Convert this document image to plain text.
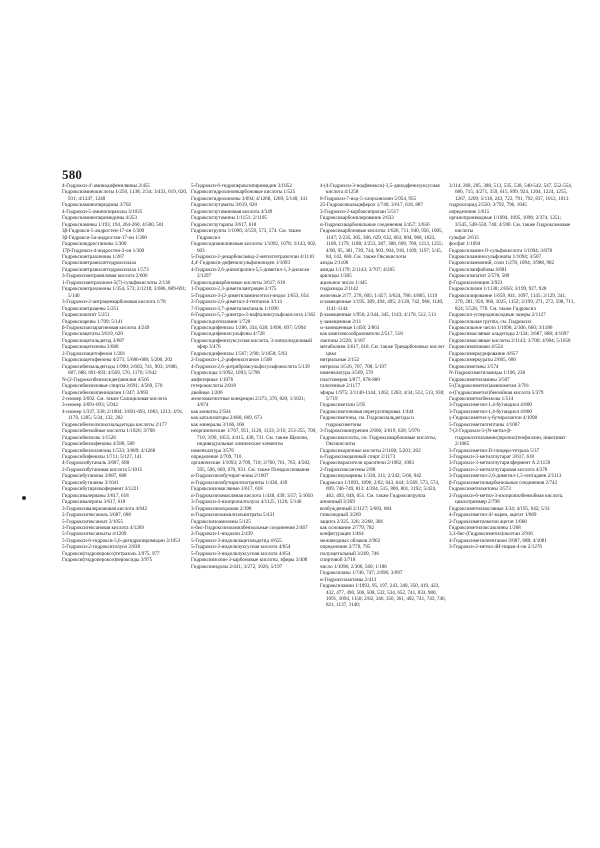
580
4-Гидрокси-4'-аминодифенилвины 2/455
Гидроксиаминокислоты 1/250, 1138; 2/34; 3/433, 619, 620, 931; 4/1247, 1248
Гидроксиаминопиридины 3/702
4-Гидрокси-5-аминопиразолы 3/1035
Гидроксиаминопиримидины 4/253
Гидроксиамины 1/193, 194, 264-266; 4/500, 501
3β-Гидрокси-5-андростен-17-он 1/300
3β-Гидрокси-5α-андростан-17-он 1/300
Гидроксиандростаноны 1/300
17β-Гидрокси-4-андростен-3-он 1/300
Гидроксиантрахиноны 1/267
Гидроксиантранилатгидроксилаза
Гидроксиантранилатгидроксилаза 1/573
3-Гидроксиантраниловая кислота 2/606
1-Гидроксиантрахинон-5(7)-сульфокислоты 2/136
Гидроксиантрахиноны 1/354, 573; 2/1218; 3/686, 689-691; 5/140
3-Гидрокси-2-антраценкарбоновая кислота 1/78
Гидроксиантрацены 5/251
Гидроксиапатит 5/251
Гидроксиарены 1/709; 5/141
β-Гидроксиаспарагиновая кислота 4/249
Гидроксиацетаты 3/619, 620
Гидроксиацетальдегид 3/687
Гидроксиацетилены 3/688
2-Гидроксиацетофенон 1/201
Гидроксиацетофеноны 4/271; 5/686-688; 5/200, 202
Гидроксибензальдегиды 1/990; 2/603, 741, 903; 3/686, 687, 688, 691-693; 4/569, 570, 1170; 5/942
N-(2-Гидроксибензилиден)анилин 4/505
Гидроксибензиловые спирты 3/691; 4/569, 570
Гидроксибензилпеницилин 1/347; 3/693
2-изомер 3/692. См. также Салициловая кислота
3-изомер 3/691-693; 5/942
4-изомер 1/337, 338; 2/1004; 3/691-693, 1083, 1213; 4/91, 1170, 1205; 5/34, 132, 202
Гидроксибензолэпоксиальдегиды кислоты 2/177
Гидроксибензойные кислоты 1/1026; 3/708
Гидроксибензолы 1/1528
Гидроксибензофеноны 4/588, 589
Гидроксибензохиноны 1/533; 3/689; 4/1268
Гидроксибифенилы 1/711; 5/127, 141
4-Гидроксибутаналь 3/687, 688
2-Гидроксибутановая кислота 5/1015
Гидроксибутаноны 3/687, 688
Гидроксибутилены 3/1041
Гидроксибутирилкофермент 3/1221
Гидроксивалерианы 3/617, 618
Гидроксивалераты 3/617, 618
3-Гидроксивалериановая кислота 4/642
2-Гидроксигексаналь 3/687, 688
5-Гидроксигексаноат 3/1055
3-Гидроксигексановая кислота 4/1209
5-Гидроксигексаноаты 4/1209
5-Гидрокси-6-гидрокси-5,6-дигидропиримидин 3/1053
5-Гидрокси-2-гидрокситолуол 2/838
Гидрокси(гидропероксо)тетразоль 3/975, 977
Гидрокси(гидроперокси)пероксиды 3/975
5-Гидрокси-6-гидропероксипиримидин 3/1052
Гидроксигидрохинонкарбоновые кислоты 1/525
Гидроксигидрохиноны 3/694; 4/1268, 1269; 5/140, 141
Гидроксиглутаматы 3/619, 620
Гидроксиглутаминовая кислота 4/349
Гидроксиглутамины 1/1151; 2/1195
Гидроксиглутараты 3/617, 618
Гидроксигруппа 1/1096; 3/559, 573, 574. См. также Гидроксил
Гидроксидианилиновые кислоты 1/1092, 1078; 3/143, 602, 603
5-Гидрокси-2-декарбоксамид-2-метилтетразоэтан 4/1110
4,4'-Гидрокси-дифенилсульфонилиден 1/1093
4-Гидрокси-2,6-диизопропил-5,5-диметил-1,3-диоксан 2/1297
Гидроксидикарбоновые кислоты 3/617, 618
1-Гидрокси-2,3-диметилантрацен 2/175
5-Гидрокси-3-(2-диметиламиноэтил)-индол 1/653, 654
2-Гидрокси-2,6-диметил-4-гептанон 3/114
7-Гидрокси-3,7-диметилоктаналь 1/1096
6-Гидрокси-5,7-динитро-2-нафталинсульфокислота 1/362
Гидроксидиэтиламин 1/720
Гидроксидифенилы 1/286, 334, 628; 3/696, 697; 5/994
Гидроксидифенилсульфоны 4/728
Гидроксидифенилуксусная кислота, 3-хинуклидиловый эфир 3/476
Гидроксидифенилы 1/567; 2/90; 3/1058; 5/93
2-Гидрокси-1,2-дифенилэтанон 1/508
4-Гидрокси-2,6-дитрибромсульфосульфокислота 5/139
Гидроксиды 1/1092, 1093; 5/796
амфотерные 1/1076
гетерокислоты 2/818
двойные 1/206
железомагнитные конкреции 2/273, 370, 820; 1/1021; 4/874
как конкиты 2/504
как катализаторы 2/668, 669, 673
как минералы 3/166, 166
неорганические 1/767, 951, 1120, 1133; 2/10, 253-255, 709, 710; 3/99, 1055; 4/415, 438, 711. См. также Щелочи, индивидуальные химические элементы
номенклатура 3/576
определение 2/709, 710
органические 1/1093; 2/709, 710; 3/760, 761, 765; 4/582, 595, 596, 669, 670, 931. См. также Псевдооснования
α-Гидроксиизобутират-ионы 2/1007
α-Гидроксиизобутирилтиотрипты 1/438, 439
Гидроксиизомасляные 3/617, 618
α-Гидроксиизомасляная кислота 1/438, 439; 3/57; 5/1050
3-Гидрокси-4-изопропилтолуол 4/1125, 1126; 5/140
3-Гидроксиизохроман 2/398
α-Гидроксиизоамилсильнитраты 5/431
Гидроксиизоамилены 5/125
n-бис-Гидроксиизоамилбензольные соединения 2/467
2-Гидрокси-1-индалон 2/439
5-Гидрокси-3-индолилацетальдегид 4/655
5-Гидрокси-3-индолилуксусная кислота 4/654
5-Гидрокси-3-индолилуксусная кислота 4/654
Гидроксиизолин-3-карбоновые кислоты, эфиры 3/408
Гидроксииндолы 2/441; 3/272, 1026; 5/197
4-(4-Гидрокси-3-иодфенокси)-3,5-дииодфенилуксусная кислота 4/1258
8-Гидрокси-7-иод-5-хлорхинолин 5/954, 955
25-Гидроксикальциферол 1/746; 3/617, 618, 887
3-Гидрокси-2-карбоксипропан 5/517
Гидроксикарбонилирование 2/633
α-Гидроксикарбонильные соединения 2/457; 3/656
Гидроксикарбоновые кислоты 1/626, 711, 940, 956, 1005, 1147; 2/235, 305, 306, 629, 632, 663, 804, 968, 1023, 1100, 1179, 1188; 3/253, 387, 388, 699, 700, 1213, 1255; 4/90, 95, 381, 739, 744, 903, 904, 918, 1109, 1197; 5/45, 84, 142, 660. См. также Оксикислоты
азиды 2/1106
амиды 1/1179; 2/1143; 3/707; 4/205
арилиды 1/305
ацильное число 1/445
гидразиды 2/1142
железные 2/77, 278, 605; 1/457; 3/624, 786; 4/865, 1119
α-замещенные 1/195, 389, 494, 495; 2/120, 742, 968, 1140, 1141-1144
β-замещенные 1/956; 2/344, 345, 1143; 4/170, 512, 513
γ-замещенные 2/11
ω-замещенные 1/450; 2/863
как комплексообразователи 2/517, 518
лактоны 2/226; 3/187
метаболизм 3/617, 618. См. также Трикарбоновых кислот цикл
нитрильные 2/152
нитрилы 3/516, 707, 708; 5/197
номенклатура 3/569, 570
пластомерия 3/877, 878-880
галогенные 2/1177
эфиры 1/975; 2/1140-1144, 1262, 1263; 4/34, 512, 513, 930; 5/719
Гидроксикетали 5/95
Гидроксикетоновая перегруппировка 1/444
Гидроксикетоны, см. Гидроксиальдегиды и гидроксикетоны
3-Гидроксикинуренин 2/606; 3/619, 620; 5/970
Гидроксикислоты, см. Гидроксикарбоновые кислоты, Оксикислоты
Гидроксикоричные кислоты 2/1100; 5/201, 202
n-Гидроксикоричный спирт 2/1173
Гидроксикрасители красители 2/1082, 1083
2-Гидроксиксантены 2/88
Гидроксикумарины 1/330, 311; 2/342; 5/66, 942
Гидроксил 1/1093, 1096; 2/82, 643, 644; 3/569, 573, 574, 699, 746-749, 813; 4/394, 515, 800, 801, 1192; 5/424, 462, 493, 648, 651. См. также Гидроксигруппа
анионный 3/269
возбужденный 2/1127; 5/683, 684
гликозидный 3/269
защита 2/325, 326; 3/268, 306
как основание 2/779, 782
конфигурация 1/464
межзвездных облаков 2/962
определение 2/770, 795
полуацетальный 3/269, 746
спиртовой 3/718
число 1/1096; 2/306, 560; 1/186
Гидроксилазы 1/746, 747; 2/696; 3/697
α-Гидроксилактамы 2/413
Гидроксиламин 1/1093, 95, 197, 243, 349, 350, 419, 423, 432, 477, 490, 506, 508, 532, 534, 652, 741, 833, 980, 1091, 1094, 1150; 2/82, 346, 350, 361, 402, 741, 743, 746, 821, 1137, 1140;
3/114, 268, 295, 388, 513, 535, 538, 540-542, 547, 552-554, 686, 715; 4/271, 359, 615, 899, 924, 1204, 1224, 1255, 1267, 1269; 5/118, 243, 722, 791, 792, 837, 1012, 1013
гидрохлорид 2/550; 3/792, 796, 1045
определение 1/615
органопроизводные 1/1094, 1095, 1096; 2/374, 1251; 3/545, 548-550, 740; 4/590. См. также Гидроксамовые кислоты
сульфат 2/615
фосфат 1/1094
Гидроксиламин-О-сульфокислота 1/1094; 3/678
Гидроксиламиносульфонаты 1/1094; 3/507
Гидроксиламмоний, соли 1/278, 1094; 3/988, 982
Гидроксиланфибовы 4/681
Гидроксилапатит 2/578, 589
β-Гидроксилеицин 3/923
Гидроксилизин 1/1138; 2/856; 3/199, 927, 928
Гидроксилирование 1/659, 841, 1097, 1145; 2/129, 241, 278, 281, 958, 960, 1025, 1152; 3/199, 271, 272, 598, 711, 824; 5/526, 778. См. также Гидроксил
Гидроксил-углеродноксидные лазеры 2/1127
Гидроксильная группа, см. Гидроксил
Гидроксильное число 1/1096; 2/306, 660; 3/1186
Гидроксимасляные альдегиды 2/134; 3/687, 688; 4/1097
Гидроксимасляные кислоты 2/1143; 3/700; 4/904; 5/1058
Гидроксиматинаки 4/554
Гидроксимеркурирование 4/657
Гидроксимеркураты 2/605, 606
Гидроксиметаны 3/574
N-Гидроксиметиламиды 1/106, 236
Гидроксиметиламины 3/507
5-(Гидроксиметил)аминометан 3/701
o-(Гидроксиметил)бензойная кислота 5/379
Гидроксиметилбензолы 1/514
3-Гидроксиметил-1,4-бутандиол 4/800
3-Гидроксиметил-1,4-бутандиол 4/800
γ-Гидроксиметил-γ-бутиролактон 4/1098
5-Гидроксиметилгептаны 1/1067
7-(2-Гидрокси-3-(N-метил-β-гидроксиэтиламино)пропил)теофиллин, никотинат 2/1085
3-Гидроксиметил-D-глицеро-тетроза 5/37
3-Гидрокси-3-метилглутарат 3/617, 618
3-Гидрокси-3-метилглутарилфермент A 2/1159
2-Гидрокси-2-метилглутаровая кислота 4/378
3-Гидроксиметил-2,6-диметил-1,5-гептадиен 2/1113
β-Гидроксиметилкарбонильные соединения 2/742
Гидроксиметилкетоны 3/573
2-Гидрокси-6-метил-3-изопропилбензойная кислота, циклотриммер 2/798
Гидроксиметилмасляные 3/34; 4/195, 642; 5/31
4-Гидроксиметил-Δ²-карен, ацетат 1/669
2-Гидроксиметилкетон ацетат 1/668
Гидроксиметилоксазолины 1/268
3,3-бис-(Гидроксиметил)оксетан 3/916
4-Гидроксиметилпентанон 3/687, 688; 4/1081
3-Гидрокси-2-метил-4Н-пиран-4-он 2/1276
